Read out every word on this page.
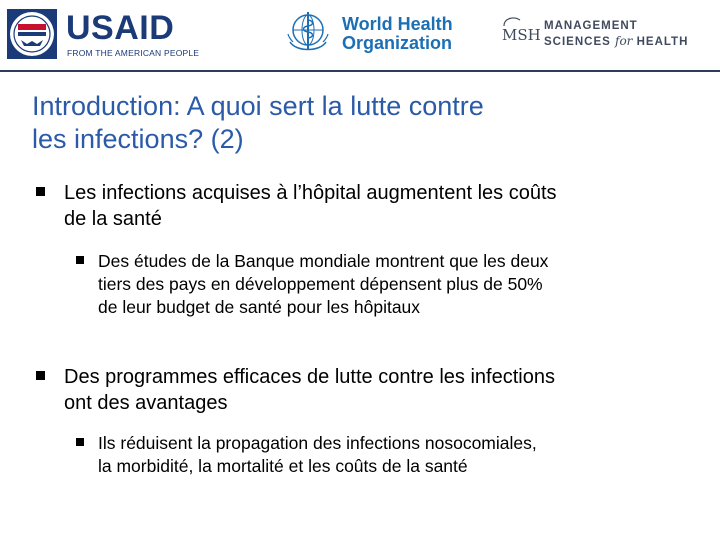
USAID
FROM THE AMERICAN PEOPLE
World Health
Organization	MSH MANAGEMENT
SCIENCES for HEALTH
Introduction: A quoi sert la lutte contre
les infections? (2)
Les infections acquises à l’hôpital augmentent les coûts
de la santé
Des études de la Banque mondiale montrent que les deux
tiers des pays en développement dépensent plus de 50%
de leur budget de santé pour les hôpitaux
Des programmes efficaces de lutte contre les infections
ont des avantages
Ils réduisent la propagation des infections nosocomiales,
la morbidité, la mortalité et les coûts de la santé
